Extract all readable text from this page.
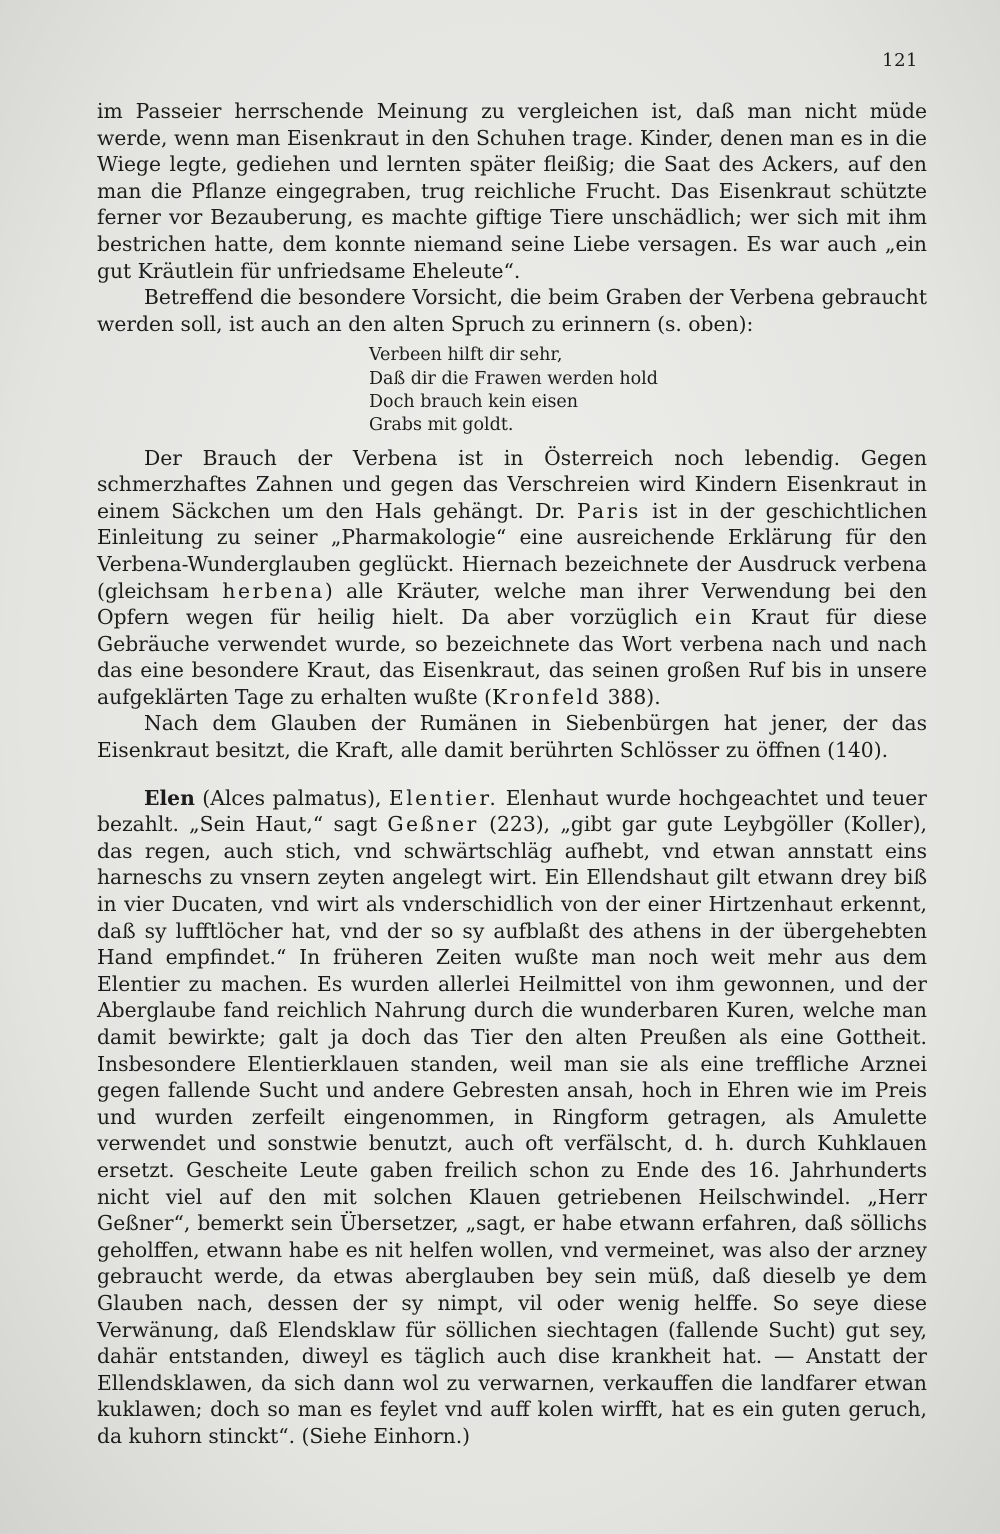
121

im Passeier herrschende Meinung zu vergleichen ist, daß man nicht müde werde, wenn man Eisenkraut in den Schuhen trage. Kinder, denen man es in die Wiege legte, gediehen und lernten später fleißig; die Saat des Ackers, auf den man die Pflanze eingegraben, trug reichliche Frucht. Das Eisenkraut schützte ferner vor Bezauberung, es machte giftige Tiere unschädlich; wer sich mit ihm bestrichen hatte, dem konnte niemand seine Liebe versagen. Es war auch „ein gut Kräutlein für unfriedsame Eheleute“.

Betreffend die besondere Vorsicht, die beim Graben der Verbena gebraucht werden soll, ist auch an den alten Spruch zu erinnern (s. oben):

Verbeen hilft dir sehr,
Daß dir die Frawen werden hold
Doch brauch kein eisen
Grabs mit goldt.

Der Brauch der Verbena ist in Österreich noch lebendig. Gegen schmerzhaftes Zahnen und gegen das Verschreien wird Kindern Eisenkraut in einem Säckchen um den Hals gehängt. Dr. Paris ist in der geschichtlichen Einleitung zu seiner „Pharmakologie“ eine ausreichende Erklärung für den Verbena-Wunderglauben geglückt. Hiernach bezeichnete der Ausdruck verbena (gleichsam herbena) alle Kräuter, welche man ihrer Verwendung bei den Opfern wegen für heilig hielt. Da aber vorzüglich ein Kraut für diese Gebräuche verwendet wurde, so bezeichnete das Wort verbena nach und nach das eine besondere Kraut, das Eisenkraut, das seinen großen Ruf bis in unsere aufgeklärten Tage zu erhalten wußte (Kronfeld 388).

Nach dem Glauben der Rumänen in Siebenbürgen hat jener, der das Eisenkraut besitzt, die Kraft, alle damit berührten Schlösser zu öffnen (140).

Elen (Alces palmatus), Elentier. Elenhaut wurde hochgeachtet und teuer bezahlt. „Sein Haut,“ sagt Geßner (223), „gibt gar gute Leybgöller (Koller), das regen, auch stich, vnd schwärtschläg aufhebt, vnd etwan annstatt eins harneschs zu vnsern zeyten angelegt wirt. Ein Ellendshaut gilt etwann drey biß in vier Ducaten, vnd wirt als vnderschidlich von der einer Hirtzenhaut erkennt, daß sy lufftlöcher hat, vnd der so sy aufblaßt des athens in der übergehebten Hand empfindet.“ In früheren Zeiten wußte man noch weit mehr aus dem Elentier zu machen. Es wurden allerlei Heilmittel von ihm gewonnen, und der Aberglaube fand reichlich Nahrung durch die wunderbaren Kuren, welche man damit bewirkte; galt ja doch das Tier den alten Preußen als eine Gottheit. Insbesondere Elentierklauen standen, weil man sie als eine treffliche Arznei gegen fallende Sucht und andere Gebresten ansah, hoch in Ehren wie im Preis und wurden zerfeilt eingenommen, in Ringform getragen, als Amulette verwendet und sonstwie benutzt, auch oft verfälscht, d. h. durch Kuhklauen ersetzt. Gescheite Leute gaben freilich schon zu Ende des 16. Jahrhunderts nicht viel auf den mit solchen Klauen getriebenen Heilschwindel. „Herr Geßner“, bemerkt sein Übersetzer, „sagt, er habe etwann erfahren, daß söllichs geholffen, etwann habe es nit helfen wollen, vnd vermeinet, was also der arzney gebraucht werde, da etwas aberglauben bey sein müß, daß dieselb ye dem Glauben nach, dessen der sy nimpt, vil oder wenig helffe. So seye diese Verwänung, daß Elendsklaw für söllichen siechtagen (fallende Sucht) gut sey, dahär entstanden, diweyl es täglich auch dise krankheit hat. — Anstatt der Ellendsklawen, da sich dann wol zu verwarnen, verkauffen die landfarer etwan kuklawen; doch so man es feylet vnd auff kolen wirfft, hat es ein guten geruch, da kuhorn stinckt“. (Siehe Einhorn.)
